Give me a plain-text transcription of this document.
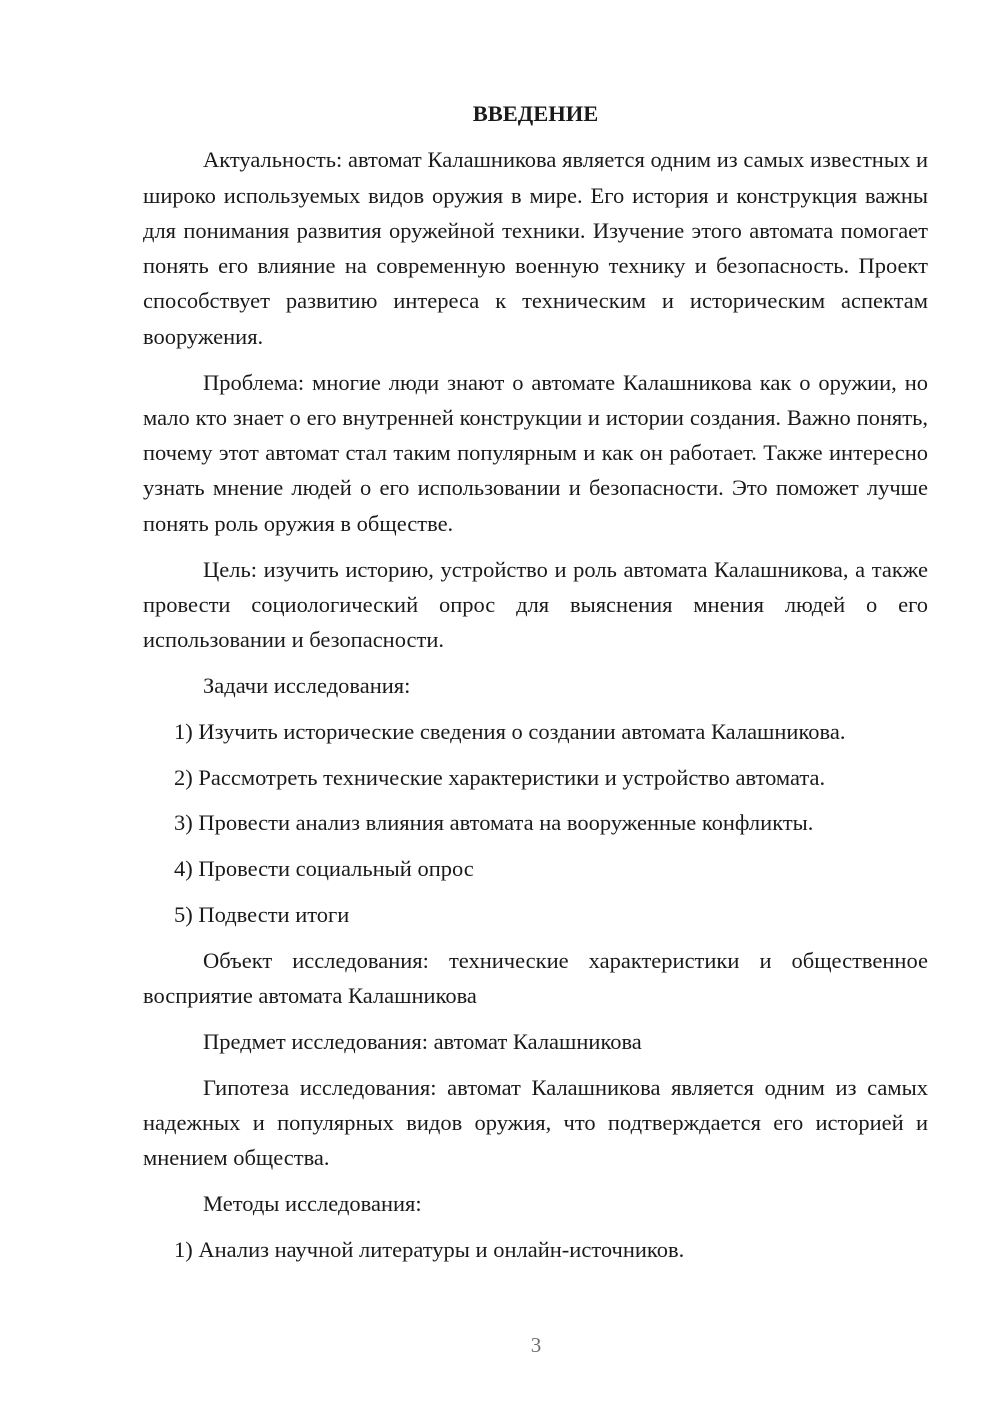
ВВЕДЕНИЕ
Актуальность: автомат Калашникова является одним из самых известных и широко используемых видов оружия в мире. Его история и конструкция важны для понимания развития оружейной техники. Изучение этого автомата помогает понять его влияние на современную военную технику и безопасность. Проект способствует развитию интереса к техническим и историческим аспектам вооружения.
Проблема: многие люди знают о автомате Калашникова как о оружии, но мало кто знает о его внутренней конструкции и истории создания. Важно понять, почему этот автомат стал таким популярным и как он работает. Также интересно узнать мнение людей о его использовании и безопасности. Это поможет лучше понять роль оружия в обществе.
Цель: изучить историю, устройство и роль автомата Калашникова, а также провести социологический опрос для выяснения мнения людей о его использовании и безопасности.
Задачи исследования:
1) Изучить исторические сведения о создании автомата Калашникова.
2) Рассмотреть технические характеристики и устройство автомата.
3) Провести анализ влияния автомата на вооруженные конфликты.
4) Провести социальный опрос
5) Подвести итоги
Объект исследования: технические характеристики и общественное восприятие автомата Калашникова
Предмет исследования: автомат Калашникова
Гипотеза исследования: автомат Калашникова является одним из самых надежных и популярных видов оружия, что подтверждается его историей и мнением общества.
Методы исследования:
1) Анализ научной литературы и онлайн-источников.
3
